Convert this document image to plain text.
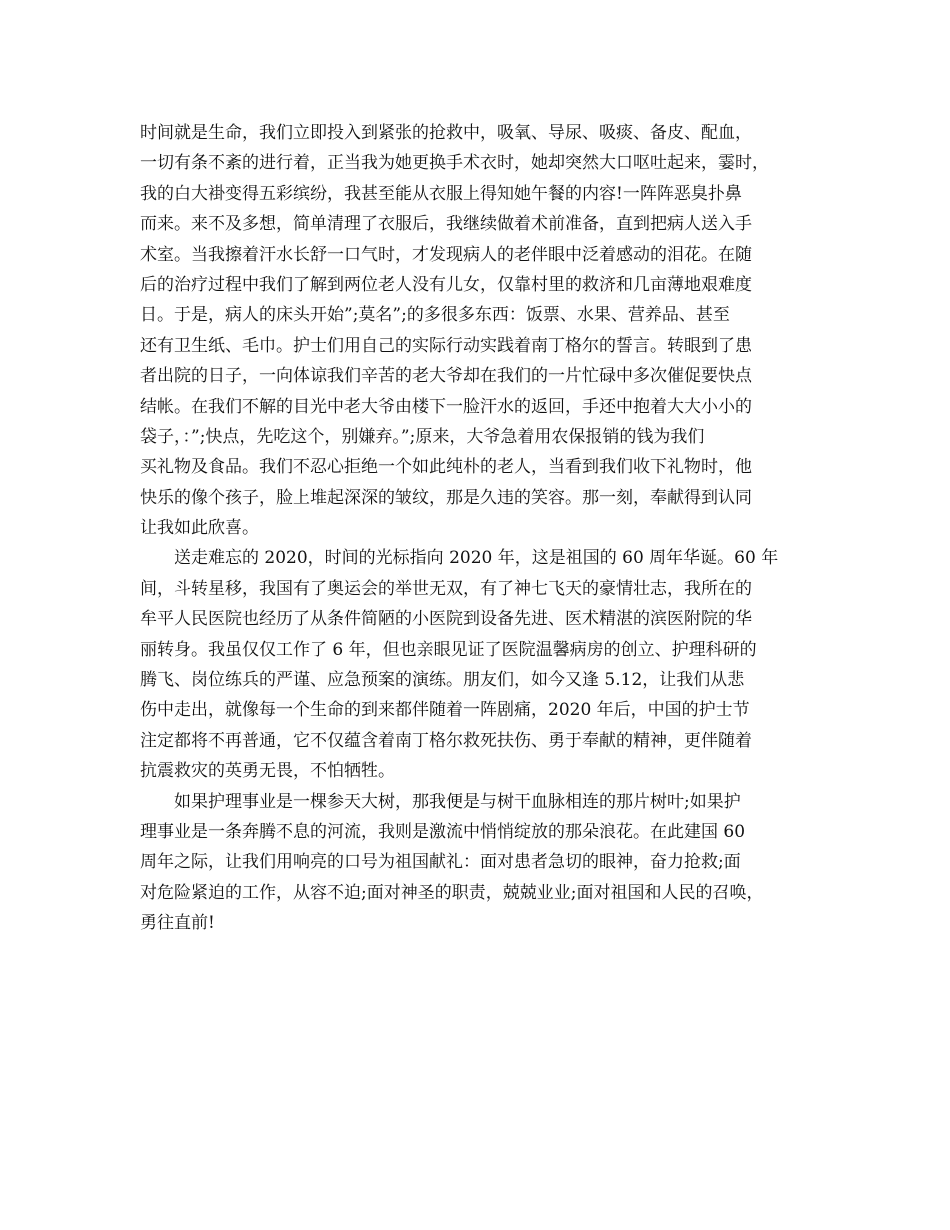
时间就是生命，我们立即投入到紧张的抢救中，吸氧、导尿、吸痰、备皮、配血，
一切有条不紊的进行着，正当我为她更换手术衣时，她却突然大口呕吐起来，霎时，
我的白大褂变得五彩缤纷，我甚至能从衣服上得知她午餐的内容!一阵阵恶臭扑鼻
而来。来不及多想，简单清理了衣服后，我继续做着术前准备，直到把病人送入手
术室。当我擦着汗水长舒一口气时，才发现病人的老伴眼中泛着感动的泪花。在随
后的治疗过程中我们了解到两位老人没有儿女，仅靠村里的救济和几亩薄地艰难度
日。于是，病人的床头开始”;莫名”;的多很多东西：饭票、水果、营养品、甚至
还有卫生纸、毛巾。护士们用自己的实际行动实践着南丁格尔的誓言。转眼到了患
者出院的日子，一向体谅我们辛苦的老大爷却在我们的一片忙碌中多次催促要快点
结帐。在我们不解的目光中老大爷由楼下一脸汗水的返回，手还中抱着大大小小的
袋子，：”;快点，先吃这个，别嫌弃。”;原来，大爷急着用农保报销的钱为我们
买礼物及食品。我们不忍心拒绝一个如此纯朴的老人，当看到我们收下礼物时，他
快乐的像个孩子，脸上堆起深深的皱纹，那是久违的笑容。那一刻，奉献得到认同
让我如此欣喜。
　　送走难忘的 2020，时间的光标指向 2020 年，这是祖国的 60 周年华诞。60 年
间，斗转星移，我国有了奥运会的举世无双，有了神七飞天的豪情壮志，我所在的
牟平人民医院也经历了从条件简陋的小医院到设备先进、医术精湛的滨医附院的华
丽转身。我虽仅仅工作了 6 年，但也亲眼见证了医院温馨病房的创立、护理科研的
腾飞、岗位练兵的严谨、应急预案的演练。朋友们，如今又逢 5.12，让我们从悲
伤中走出，就像每一个生命的到来都伴随着一阵剧痛，2020 年后，中国的护士节
注定都将不再普通，它不仅蕴含着南丁格尔救死扶伤、勇于奉献的精神，更伴随着
抗震救灾的英勇无畏，不怕牺牲。
　　如果护理事业是一棵参天大树，那我便是与树干血脉相连的那片树叶;如果护
理事业是一条奔腾不息的河流，我则是激流中悄悄绽放的那朵浪花。在此建国 60
周年之际，让我们用响亮的口号为祖国献礼：面对患者急切的眼神，奋力抢救;面
对危险紧迫的工作，从容不迫;面对神圣的职责，兢兢业业;面对祖国和人民的召唤，
勇往直前!
